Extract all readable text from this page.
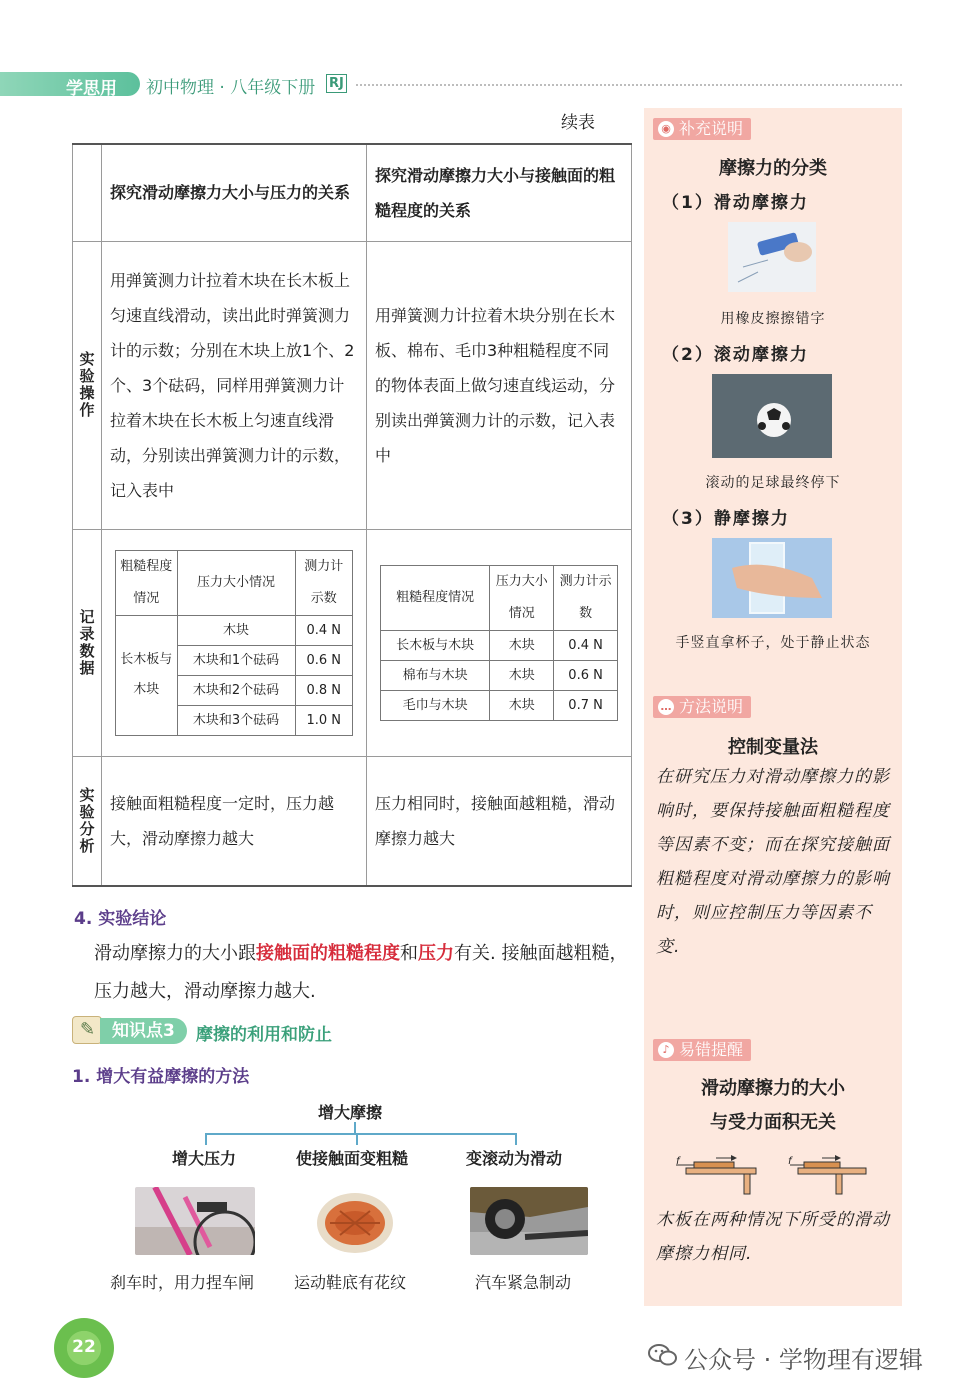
学思用 初中物理 · 八年级下册 RJ
续表
	探究滑动摩擦力大小与压力的关系	探究滑动摩擦力大小与接触面的粗糙程度的关系

实验操作
	用弹簧测力计拉着木块在长木板上匀速直线滑动，读出此时弹簧测力计的示数；分别在木块上放1个、2个、3个砝码，同样用弹簧测力计拉着木块在长木板上匀速直线滑动，分别读出弹簧测力计的示数，记入表中	用弹簧测力计拉着木块分别在长木板、棉布、毛巾3种粗糙程度不同的物体表面上做匀速直线运动，分别读出弹簧测力计的示数，记入表中

记录数据

粗糙程度情况	压力大小情况	测力计示数
长木板与木块	木块	0.4 N
木块和1个砝码	0.6 N
木块和2个砝码	0.8 N
木块和3个砝码	1.0 N

粗糙程度情况	压力大小情况	测力计示数
长木板与木块	木块	0.4 N
棉布与木块	木块	0.6 N
毛巾与木块	木块	0.7 N

实验分析
	接触面粗糙程度一定时，压力越大，滑动摩擦力越大	压力相同时，接触面越粗糙，滑动摩擦力越大
4. 实验结论
滑动摩擦力的大小跟接触面的粗糙程度和压力有关. 接触面越粗糙，压力越大，滑动摩擦力越大.
✎
知识点3	摩擦的利用和防止
1. 增大有益摩擦的方法
增大摩擦
增大压力	使接触面变粗糙	变滚动为滑动
刹车时，用力捏车闸 运动鞋底有花纹	汽车紧急制动
22	公众号 · 学物理有逻辑
◉ 补充说明
摩擦力的分类
（1）滑动摩擦力
用橡皮擦擦错字
（2）滚动摩擦力
滚动的足球最终停下
（3）静摩擦力
手竖直拿杯子，处于静止状态
… 方法说明
控制变量法
在研究压力对滑动摩擦力的影响时，要保持接触面粗糙程度等因素不变；而在探究接触面粗糙程度对滑动摩擦力的影响时，则应控制压力等因素不变.
♪ 易错提醒
滑动摩擦力的大小
与受力面积无关
f	f
木板在两种情况下所受的滑动摩擦力相同.
